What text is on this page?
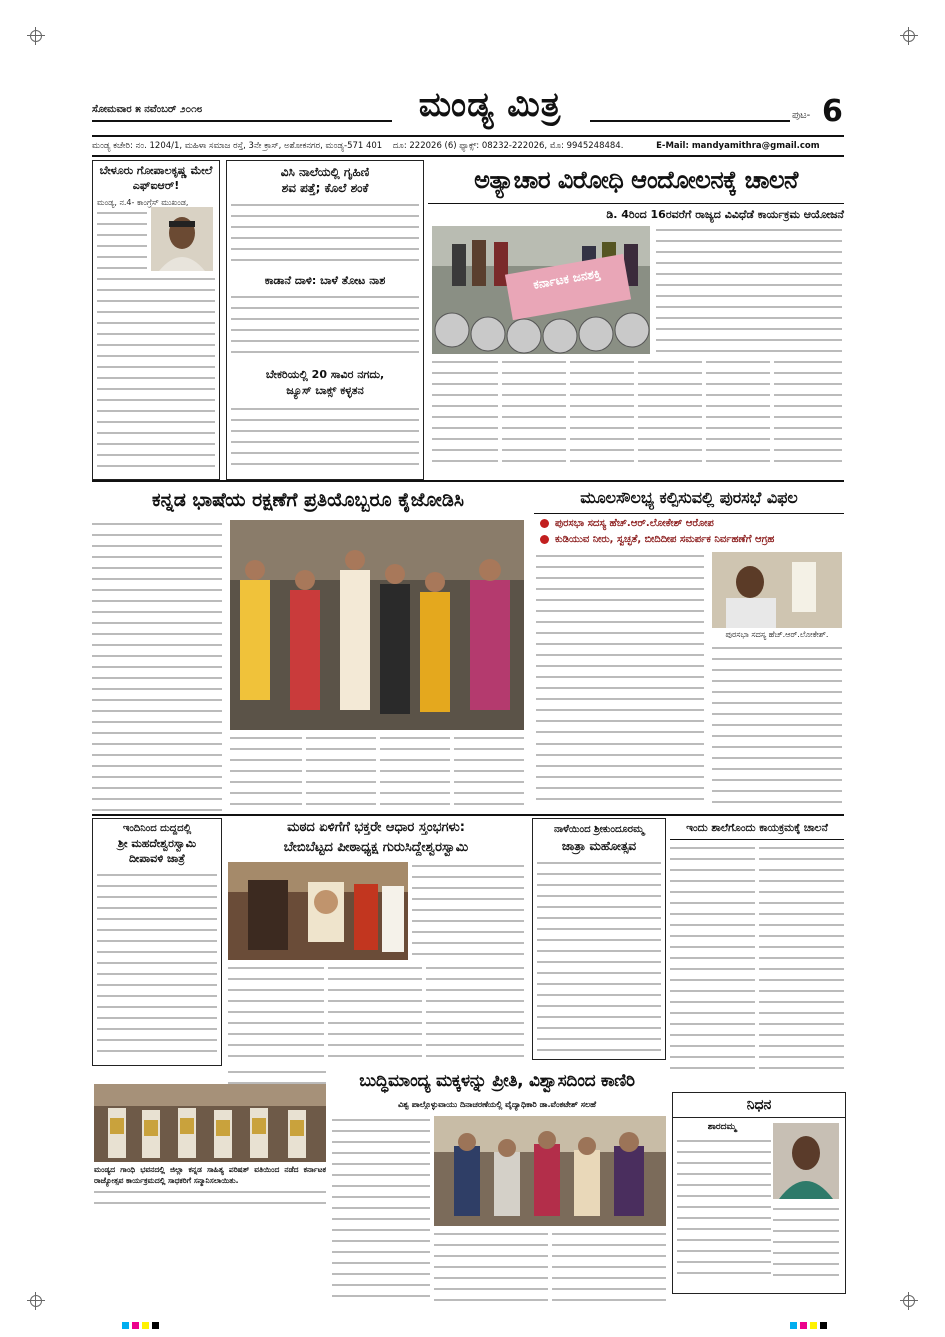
ಸೋಮವಾರ ೫ ನವೆಂಬರ್ ೨೦೧೮	ಮಂಡ್ಯ ಮಿತ್ರ	ಪುಟ- 6
ಮಂಡ್ಯ ಕಚೇರಿ: ನಂ. 1204/1, ಮಹಿಳಾ ಸಮಾಜ ರಸ್ತೆ, 3ನೇ ಕ್ರಾಸ್, ಅಶೋಕನಗರ, ಮಂಡ್ಯ-571 401 ದೂ: 222026 (6) ಫ್ಯಾಕ್ಸ್: 08232-222026, ಮೊ: 9945248484.	E-Mail: mandyamithra@gmail.com
ಬೇಳೂರು ಗೋಪಾಲಕೃಷ್ಣ ಮೇಲೆ ಎಫ್‌ಐಆರ್!
ಮಂಡ್ಯ, ನ.4- ಕಾಂಗ್ರೆಸ್ ಮುಖಂಡ,
ವಿಸಿ ನಾಲೆಯಲ್ಲಿ ಗೃಹಿಣಿ
ಶವ ಪತ್ತೆ; ಕೊಲೆ ಶಂಕೆ
ಕಾಡಾನೆ ದಾಳಿ: ಬಾಳೆ ತೋಟ ನಾಶ
ಬೇಕರಿಯಲ್ಲಿ 20 ಸಾವಿರ ನಗದು,
ಜ್ಯೂಸ್ ಬಾಕ್ಸ್ ಕಳ್ಳತನ
ಅತ್ಯಾಚಾರ ವಿರೋಧಿ ಆಂದೋಲನಕ್ಕೆ ಚಾಲನೆ
ಡಿ. 4ರಿಂದ 16ರವರೆಗೆ ರಾಜ್ಯದ ವಿವಿಧೆಡೆ ಕಾರ್ಯಕ್ರಮ ಆಯೋಜನೆ
ಕರ್ನಾಟಕ ಜನಶಕ್ತಿ
ಕನ್ನಡ ಭಾಷೆಯ ರಕ್ಷಣೆಗೆ ಪ್ರತಿಯೊಬ್ಬರೂ ಕೈಜೋಡಿಸಿ	ಮೂಲಸೌಲಭ್ಯ ಕಲ್ಪಿಸುವಲ್ಲಿ ಪುರಸಭೆ ವಿಫಲ
ಪುರಸಭಾ ಸದಸ್ಯ ಹೆಚ್.ಆರ್.ಲೋಕೇಶ್ ಆರೋಪ
ಕುಡಿಯುವ ನೀರು, ಸ್ವಚ್ಛತೆ, ಬೀದಿದೀಪ ಸಮರ್ಪಕ ನಿರ್ವಹಣೆಗೆ ಆಗ್ರಹ
ಪುರಸಭಾ ಸದಸ್ಯ ಹೆಚ್.ಆರ್.ಲೋಕೇಶ್.
ಇಂದಿನಿಂದ ದುದ್ದದಲ್ಲಿ
ಶ್ರೀ ಮಹದೇಶ್ವರಸ್ವಾಮಿ
ದೀಪಾವಳಿ ಜಾತ್ರೆ
ಮಠದ ಏಳಿಗೆಗೆ ಭಕ್ತರೇ ಆಧಾರ ಸ್ತಂಭಗಳು:
ಬೇಬಿಬೆಟ್ಟದ ಪೀಠಾಧ್ಯಕ್ಷ ಗುರುಸಿದ್ದೇಶ್ವರಸ್ವಾಮಿ
ನಾಳೆಯಿಂದ ಶ್ರೀಕುಂದೂರಮ್ಮ
ಜಾತ್ರಾ ಮಹೋತ್ಸವ
ಇಂದು ಶಾಲೆಗೊಂದು ಕಾಯಕ್ರಮಕ್ಕೆ ಚಾಲನೆ
ಬುದ್ಧಿಮಾಂದ್ಯ ಮಕ್ಕಳನ್ನು ಪ್ರೀತಿ, ವಿಶ್ವಾಸದಿಂದ ಕಾಣಿರಿ
ವಿಶ್ವ ಪಾಲ್ಗೊಳ್ಳುವಾಯು ದಿನಾಚರಣೆಯಲ್ಲಿ ವೈದ್ಯಾಧಿಕಾರಿ ಡಾ.ವೆಂಕಟೇಶ್ ಸಲಹೆ
ಮಂಡ್ಯದ ಗಾಂಧಿ ಭವನದಲ್ಲಿ ಜಿಲ್ಲಾ ಕನ್ನಡ ಸಾಹಿತ್ಯ ಪರಿಷತ್ ವತಿಯಿಂದ ನಡೆದ ಕರ್ನಾಟಕ ರಾಜ್ಯೋತ್ಸವ ಕಾರ್ಯಕ್ರಮದಲ್ಲಿ ಸಾಧಕರಿಗೆ ಸನ್ಮಾನಿಸಲಾಯಿತು.
ನಿಧನ
ಶಾರದಮ್ಮ
